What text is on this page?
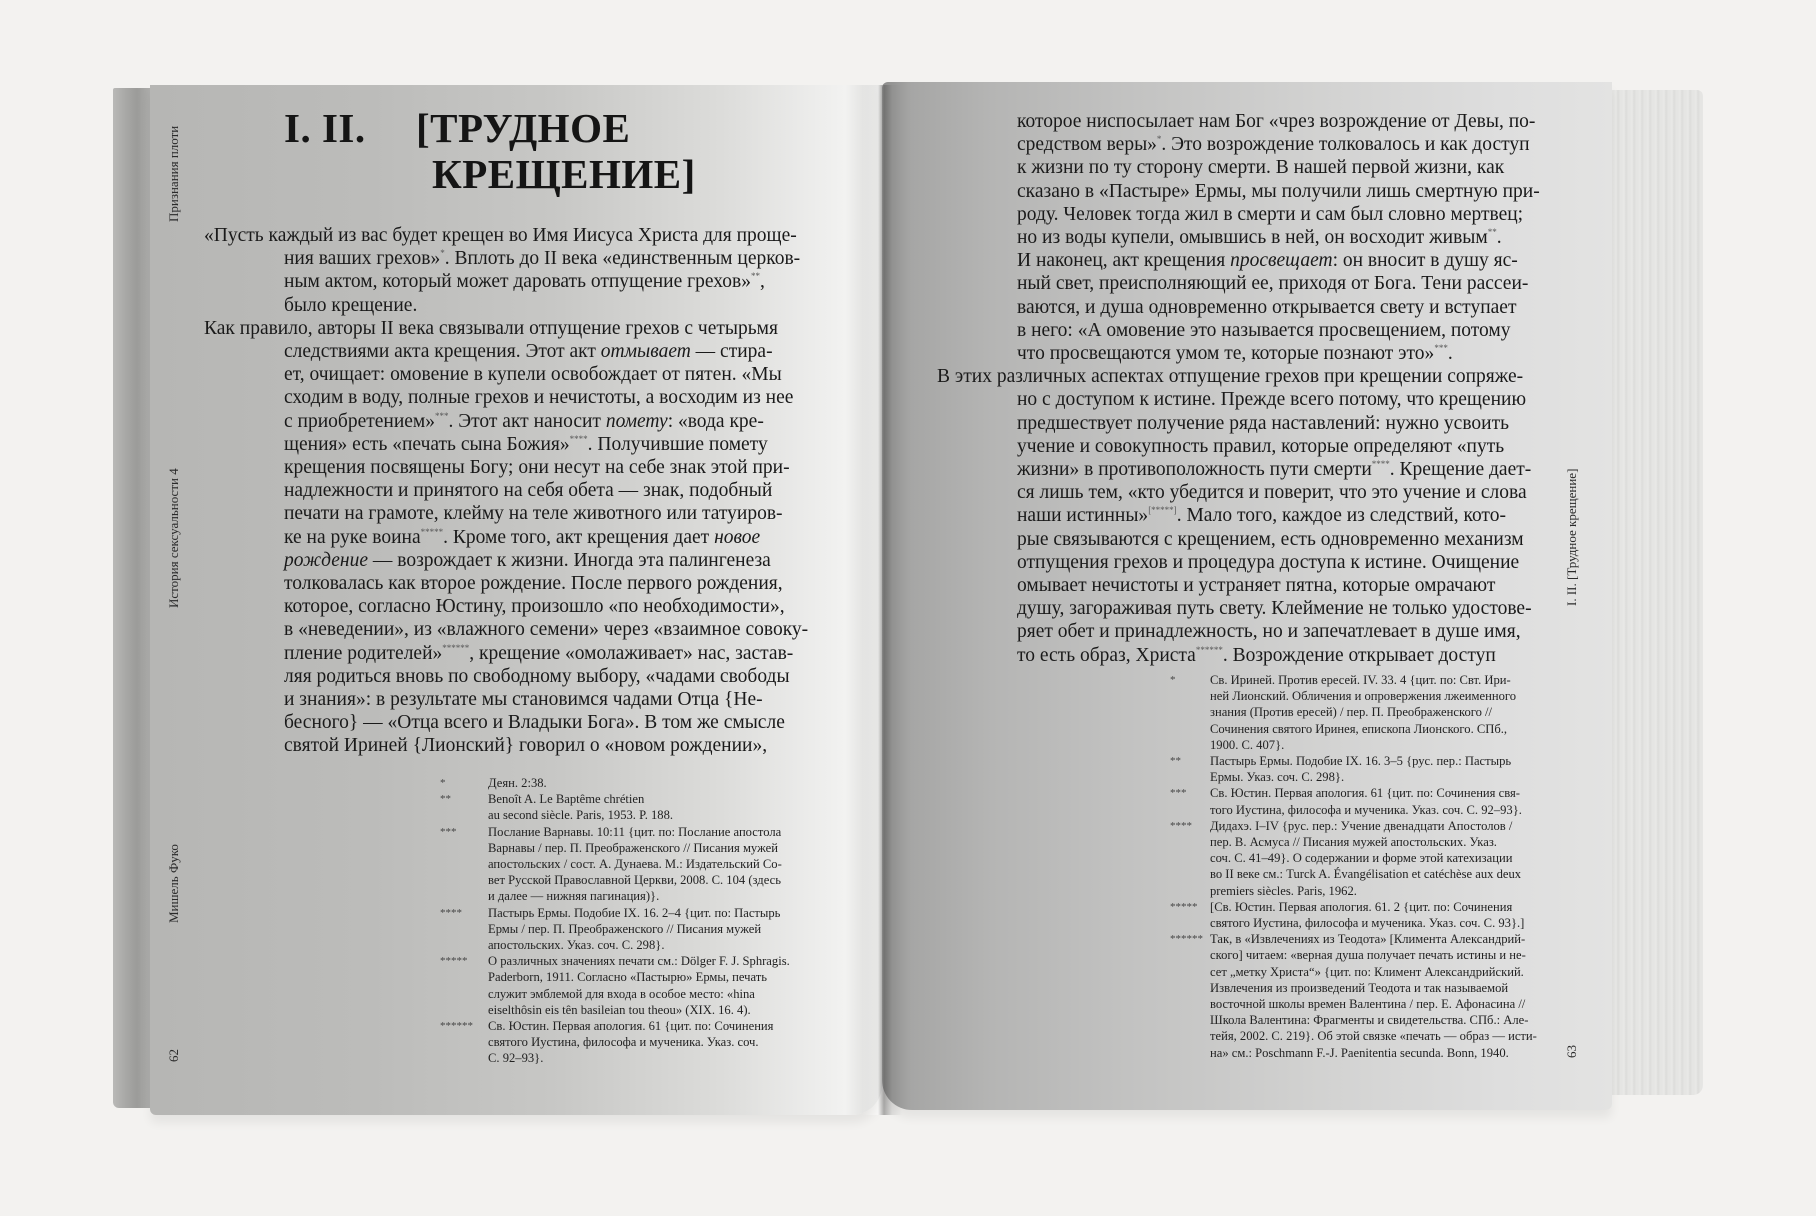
Признания плоти
История сексуальности 4
Мишель Фуко
62
I. II. [ТРУДНОЕ
КРЕЩЕНИЕ]
«Пусть каждый из вас будет крещен во Имя Иисуса Христа для проще-
ния ваших грехов»*. Вплоть до II века «единственным церков-
ным актом, который может даровать отпущение грехов»**,
было крещение.
Как правило, авторы II века связывали отпущение грехов с четырьмя
следствиями акта крещения. Этот акт отмывает — стира-
ет, очищает: омовение в купели освобождает от пятен. «Мы
сходим в воду, полные грехов и нечистоты, а восходим из нее
с приобретением»***. Этот акт наносит помету: «вода кре-
щения» есть «печать сына Божия»****. Получившие помету
крещения посвящены Богу; они несут на себе знак этой при-
надлежности и принятого на себя обета — знак, подобный
печати на грамоте, клейму на теле животного или татуиров-
ке на руке воина*****. Кроме того, акт крещения дает новое
рождение — возрождает к жизни. Иногда эта палингенеза
толковалась как второе рождение. После первого рождения,
которое, согласно Юстину, произошло «по необходимости»,
в «неведении», из «влажного семени» через «взаимное совоку-
пление родителей»******, крещение «омолаживает» нас, застав-
ляя родиться вновь по свободному выбору, «чадами свободы
и знания»: в результате мы становимся чадами Отца {Не-
бесного} — «Отца всего и Владыки Бога». В том же смысле
святой Ириней {Лионский} говорил о «новом рождении»,
*	Деян. 2:38.
**	Benoît A. Le Baptême chrétien
au second siècle. Paris, 1953. P. 188.
***	Послание Варнавы. 10:11 {цит. по: Послание апостола
Варнавы / пер. П. Преображенского // Писания мужей
апостольских / сост. А. Дунаева. М.: Издательский Со-
вет Русской Православной Церкви, 2008. С. 104 (здесь
и далее — нижняя пагинация)}.
**** Пастырь Ермы. Подобие IX. 16. 2–4 {цит. по: Пастырь
Ермы / пер. П. Преображенского // Писания мужей
апостольских. Указ. соч. С. 298}.
***** О различных значениях печати см.: Dölger F. J. Sphragis.
Paderborn, 1911. Согласно «Пастырю» Ермы, печать
служит эмблемой для входа в особое место: «hina
eiselthôsin eis tên basileian tou theou» (XIX. 16. 4).
****** Св. Юстин. Первая апология. 61 {цит. по: Сочинения
святого Иустина, философа и мученика. Указ. соч.
С. 92–93}.
которое ниспосылает нам Бог «чрез возрождение от Девы, по-
средством веры»*. Это возрождение толковалось и как доступ
к жизни по ту сторону смерти. В нашей первой жизни, как
сказано в «Пастыре» Ермы, мы получили лишь смертную при-
роду. Человек тогда жил в смерти и сам был словно мертвец;
но из воды купели, омывшись в ней, он восходит живым**.
И наконец, акт крещения просвещает: он вносит в душу яс-
ный свет, преисполняющий ее, приходя от Бога. Тени рассеи-
ваются, и душа одновременно открывается свету и вступает
в него: «А омовение это называется просвещением, потому
что просвещаются умом те, которые познают это»***.
В этих различных аспектах отпущение грехов при крещении сопряже-
но с доступом к истине. Прежде всего потому, что крещению
предшествует получение ряда наставлений: нужно усвоить
учение и совокупность правил, которые определяют «путь
жизни» в противоположность пути смерти****. Крещение дает-
ся лишь тем, «кто убедится и поверит, что это учение и слова
наши истинны»[*****]. Мало того, каждое из следствий, кото-
рые связываются с крещением, есть одновременно механизм
отпущения грехов и процедура доступа к истине. Очищение
омывает нечистоты и устраняет пятна, которые омрачают
душу, загораживая путь свету. Клеймение не только удостове-
ряет обет и принадлежность, но и запечатлевает в душе имя,
то есть образ, Христа******. Возрождение открывает доступ
*	Св. Ириней. Против ересей. IV. 33. 4 {цит. по: Свт. Ири-
ней Лионский. Обличения и опровержения лжеименного
знания (Против ересей) / пер. П. Преображенского //
Сочинения святого Иринея, епископа Лионского. СПб.,
1900. С. 407}.
** Пастырь Ермы. Подобие IX. 16. 3–5 {рус. пер.: Пастырь
Ермы. Указ. соч. С. 298}.
*** Св. Юстин. Первая апология. 61 {цит. по: Сочинения свя-
того Иустина, философа и мученика. Указ. соч. С. 92–93}.
**** Дидахэ. I–IV {рус. пер.: Учение двенадцати Апостолов /
пер. В. Асмуса // Писания мужей апостольских. Указ.
соч. С. 41–49}. О содержании и форме этой катехизации
во II веке см.: Turck A. Évangélisation et catéchèse aux deux
premiers siècles. Paris, 1962.
***** [Св. Юстин. Первая апология. 61. 2 {цит. по: Сочинения
святого Иустина, философа и мученика. Указ. соч. С. 93}.]
****** Так, в «Извлечениях из Теодота» [Климента Александрий-
ского] читаем: «верная душа получает печать истины и не-
сет „метку Христа“» {цит. по: Климент Александрийский.
Извлечения из произведений Теодота и так называемой
восточной школы времен Валентина / пер. Е. Афонасина //
Школа Валентина: Фрагменты и свидетельства. СПб.: Але-
тейя, 2002. С. 219}. Об этой связке «печать — образ — исти-
на» см.: Poschmann F.-J. Paenitentia secunda. Bonn, 1940.
I. II. [Трудное крещение]
63
